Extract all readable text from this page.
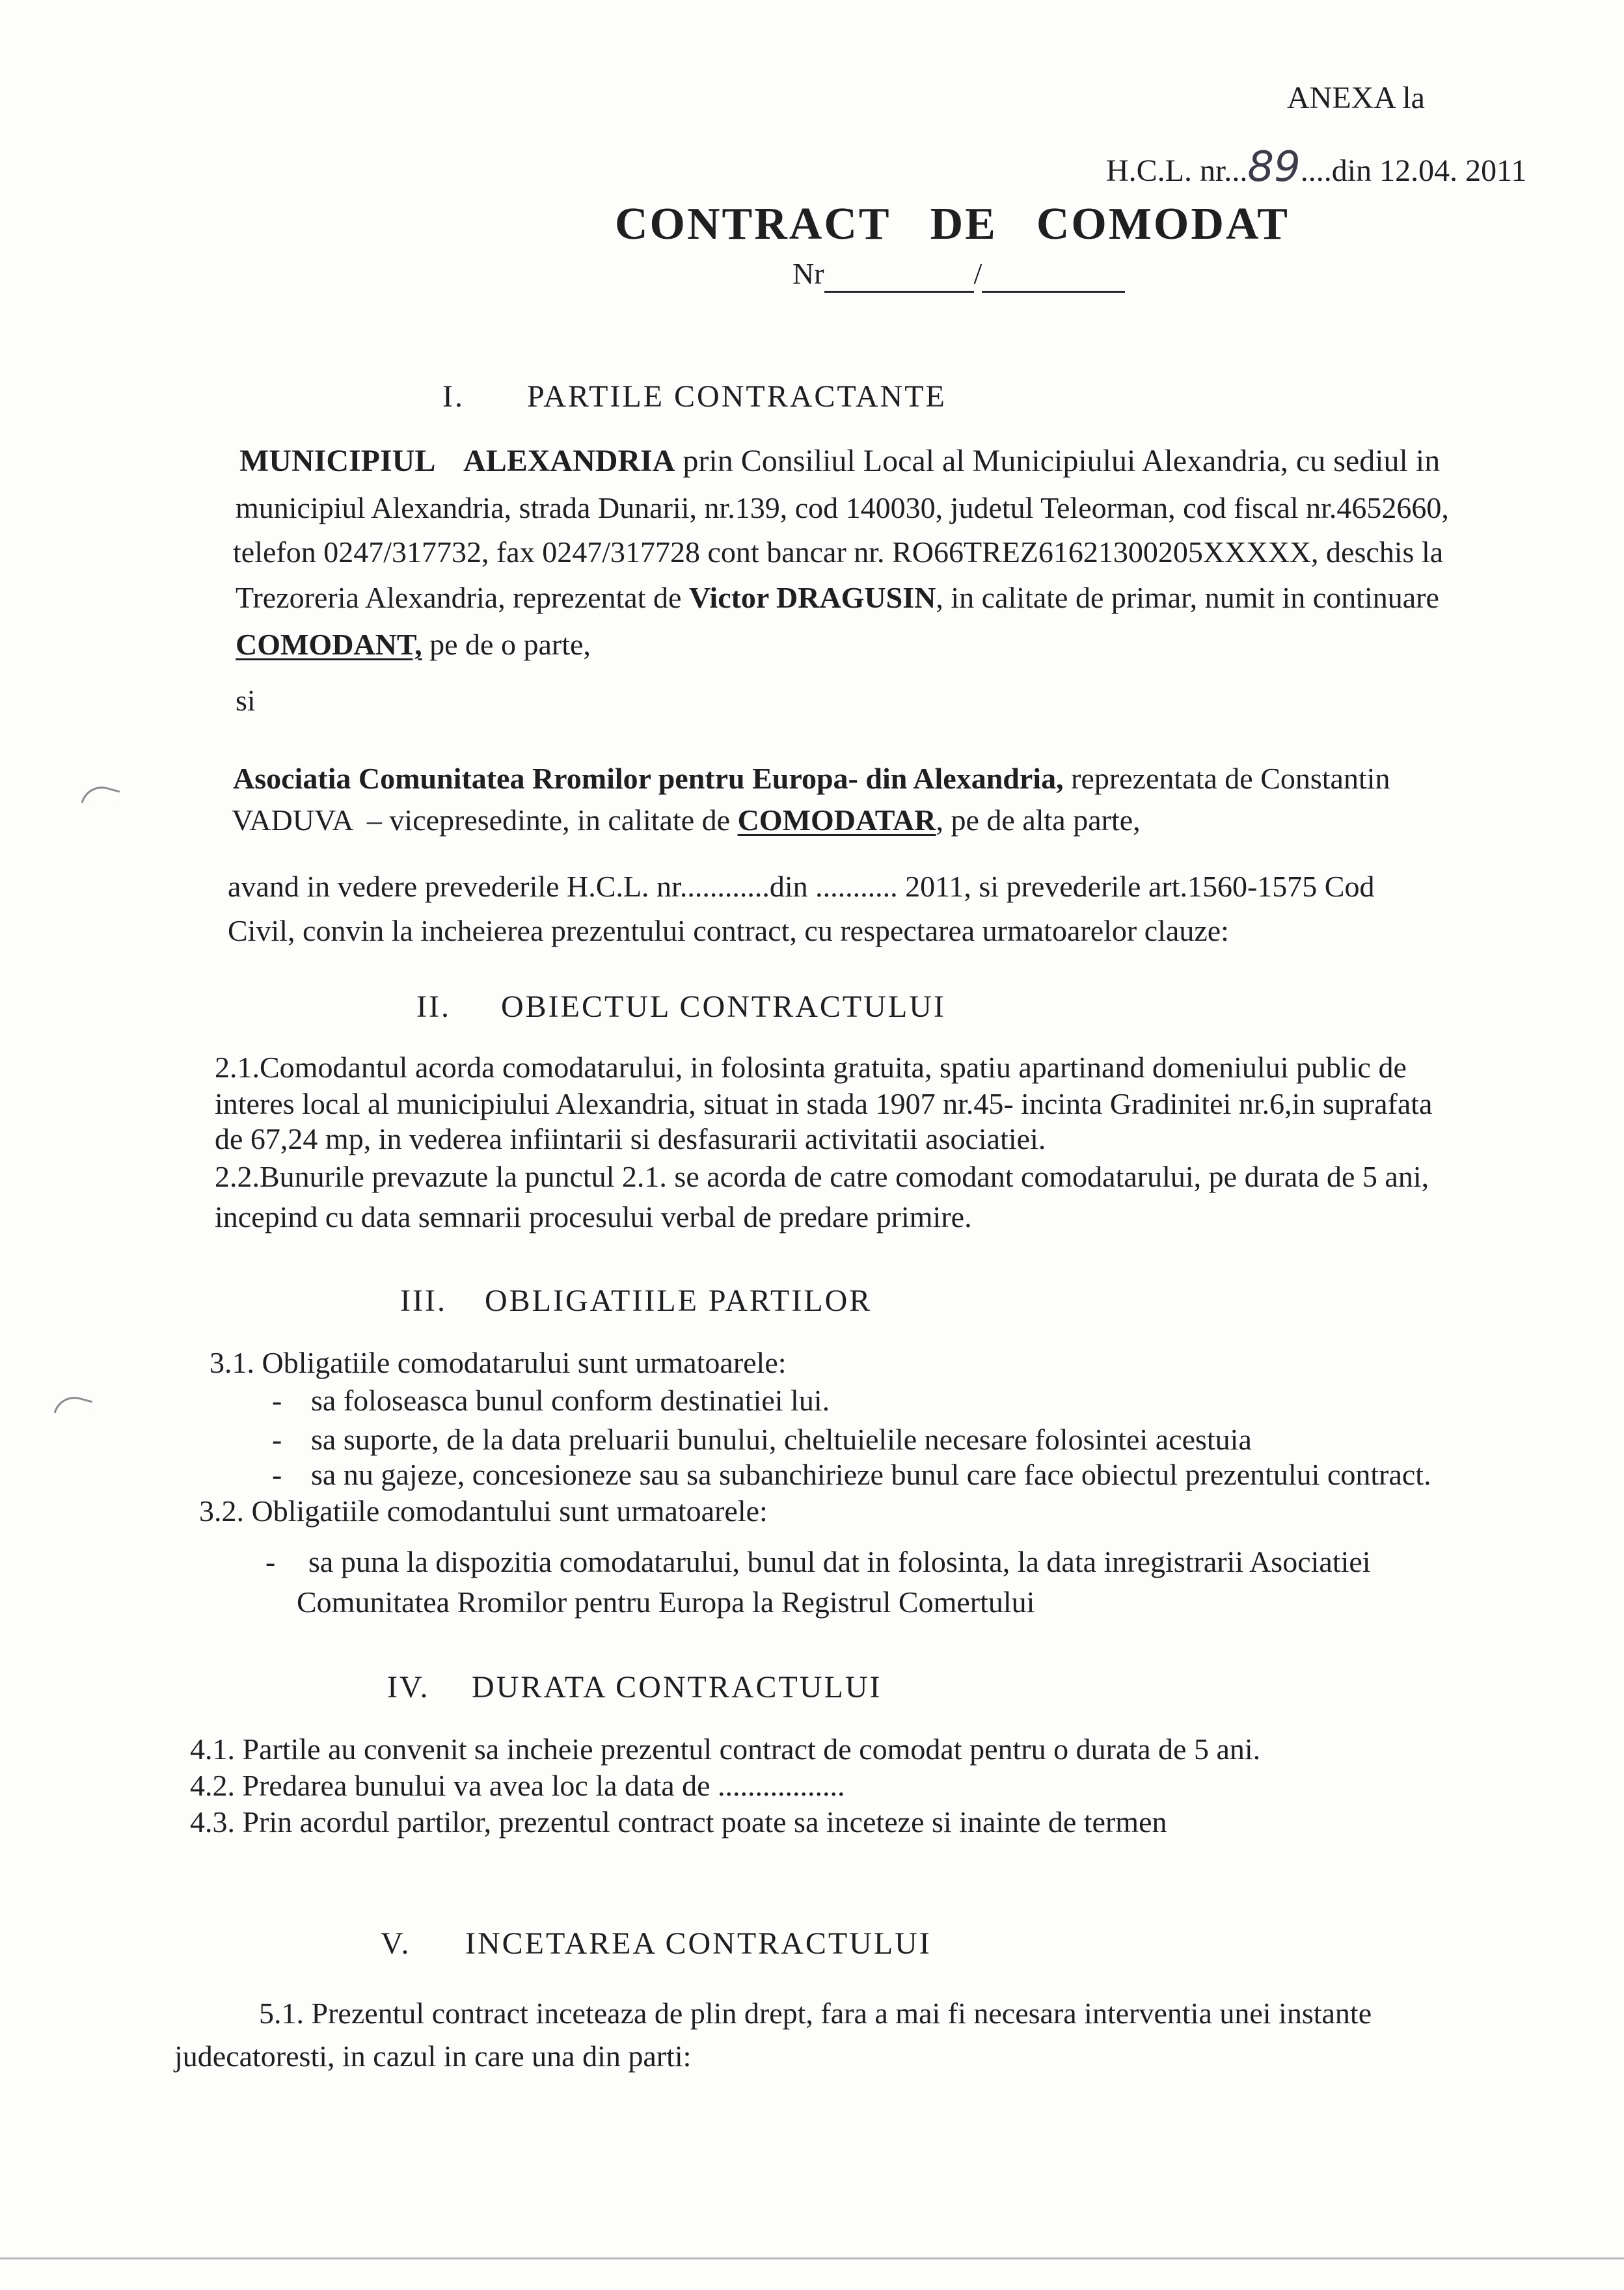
ANEXA la
H.C.L. nr...89....din 12.04. 2011
CONTRACT DE COMODAT
Nr	/
I. PARTILE CONTRACTANTE
MUNICIPIUL    ALEXANDRIA prin Consiliul Local al Municipiului Alexandria, cu sediul in
municipiul Alexandria, strada Dunarii, nr.139, cod 140030, judetul Teleorman, cod fiscal nr.4652660,
telefon 0247/317732, fax 0247/317728 cont bancar nr. RO66TREZ61621300205XXXXX, deschis la
Trezoreria Alexandria, reprezentat de Victor DRAGUSIN, in calitate de primar, numit in continuare
COMODANT, pe de o parte,
si
Asociatia Comunitatea Rromilor pentru Europa- din Alexandria, reprezentata de Constantin
VADUVA  – vicepresedinte, in calitate de COMODATAR, pe de alta parte,
avand in vedere prevederile H.C.L. nr............din ........... 2011, si prevederile art.1560-1575 Cod
Civil, convin la incheierea prezentului contract, cu respectarea urmatoarelor clauze:
II. OBIECTUL CONTRACTULUI
2.1.Comodantul acorda comodatarului, in folosinta gratuita, spatiu apartinand domeniului public de
interes local al municipiului Alexandria, situat in stada 1907 nr.45- incinta Gradinitei nr.6,in suprafata
de 67,24 mp, in vederea infiintarii si desfasurarii activitatii asociatiei.
2.2.Bunurile prevazute la punctul 2.1. se acorda de catre comodant comodatarului, pe durata de 5 ani,
incepind cu data semnarii procesului verbal de predare primire.
III. OBLIGATIILE PARTILOR
3.1. Obligatiile comodatarului sunt urmatoarele:
- sa foloseasca bunul conform destinatiei lui.
- sa suporte, de la data preluarii bunului, cheltuielile necesare folosintei acestuia
- sa nu gajeze, concesioneze sau sa subanchirieze bunul care face obiectul prezentului contract.
3.2. Obligatiile comodantului sunt urmatoarele:
- sa puna la dispozitia comodatarului, bunul dat in folosinta, la data inregistrarii Asociatiei
Comunitatea Rromilor pentru Europa la Registrul Comertului
IV. DURATA CONTRACTULUI
4.1. Partile au convenit sa incheie prezentul contract de comodat pentru o durata de 5 ani.
4.2. Predarea bunului va avea loc la data de .................
4.3. Prin acordul partilor, prezentul contract poate sa inceteze si inainte de termen
V. INCETAREA CONTRACTULUI
5.1. Prezentul contract inceteaza de plin drept, fara a mai fi necesara interventia unei instante
judecatoresti, in cazul in care una din parti:
